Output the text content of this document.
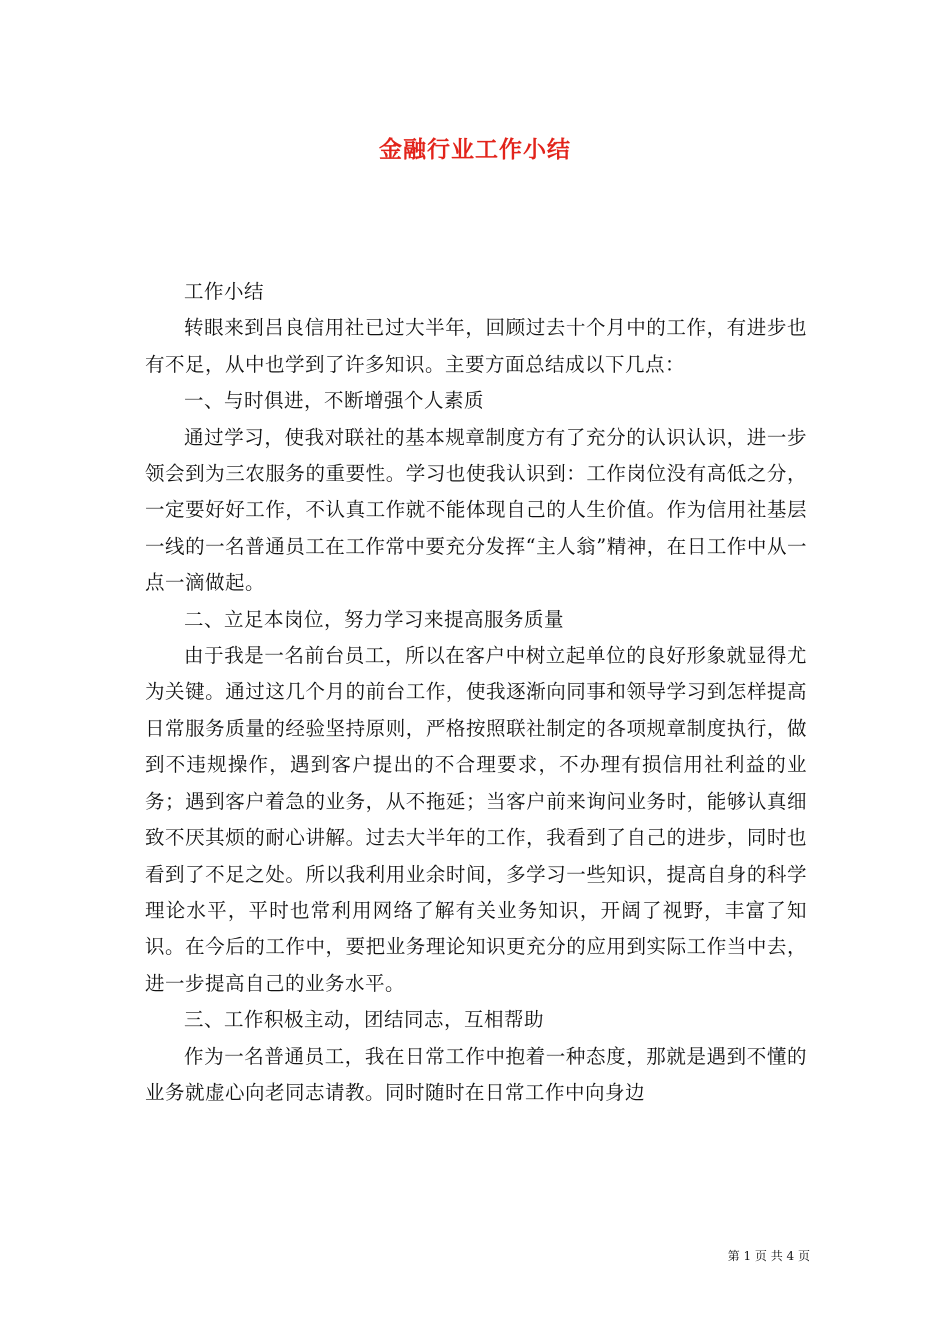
金融行业工作小结

工作小结

转眼来到吕良信用社已过大半年，回顾过去十个月中的工作，有进步也有不足，从中也学到了许多知识。主要方面总结成以下几点：

一、与时俱进，不断增强个人素质

通过学习，使我对联社的基本规章制度方有了充分的认识认识，进一步领会到为三农服务的重要性。学习也使我认识到：工作岗位没有高低之分，一定要好好工作，不认真工作就不能体现自己的人生价值。作为信用社基层一线的一名普通员工在工作常中要充分发挥“主人翁”精神，在日工作中从一点一滴做起。

二、立足本岗位，努力学习来提高服务质量

由于我是一名前台员工，所以在客户中树立起单位的良好形象就显得尤为关键。通过这几个月的前台工作，使我逐渐向同事和领导学习到怎样提高日常服务质量的经验坚持原则，严格按照联社制定的各项规章制度执行，做到不违规操作，遇到客户提出的不合理要求，不办理有损信用社利益的业务；遇到客户着急的业务，从不拖延；当客户前来询问业务时，能够认真细致不厌其烦的耐心讲解。过去大半年的工作，我看到了自己的进步，同时也看到了不足之处。所以我利用业余时间，多学习一些知识，提高自身的科学理论水平，平时也常利用网络了解有关业务知识，开阔了视野，丰富了知识。在今后的工作中，要把业务理论知识更充分的应用到实际工作当中去，进一步提高自己的业务水平。

三、工作积极主动，团结同志，互相帮助

作为一名普通员工，我在日常工作中抱着一种态度，那就是遇到不懂的业务就虚心向老同志请教。同时随时在日常工作中向身边

第 1 页 共 4 页
